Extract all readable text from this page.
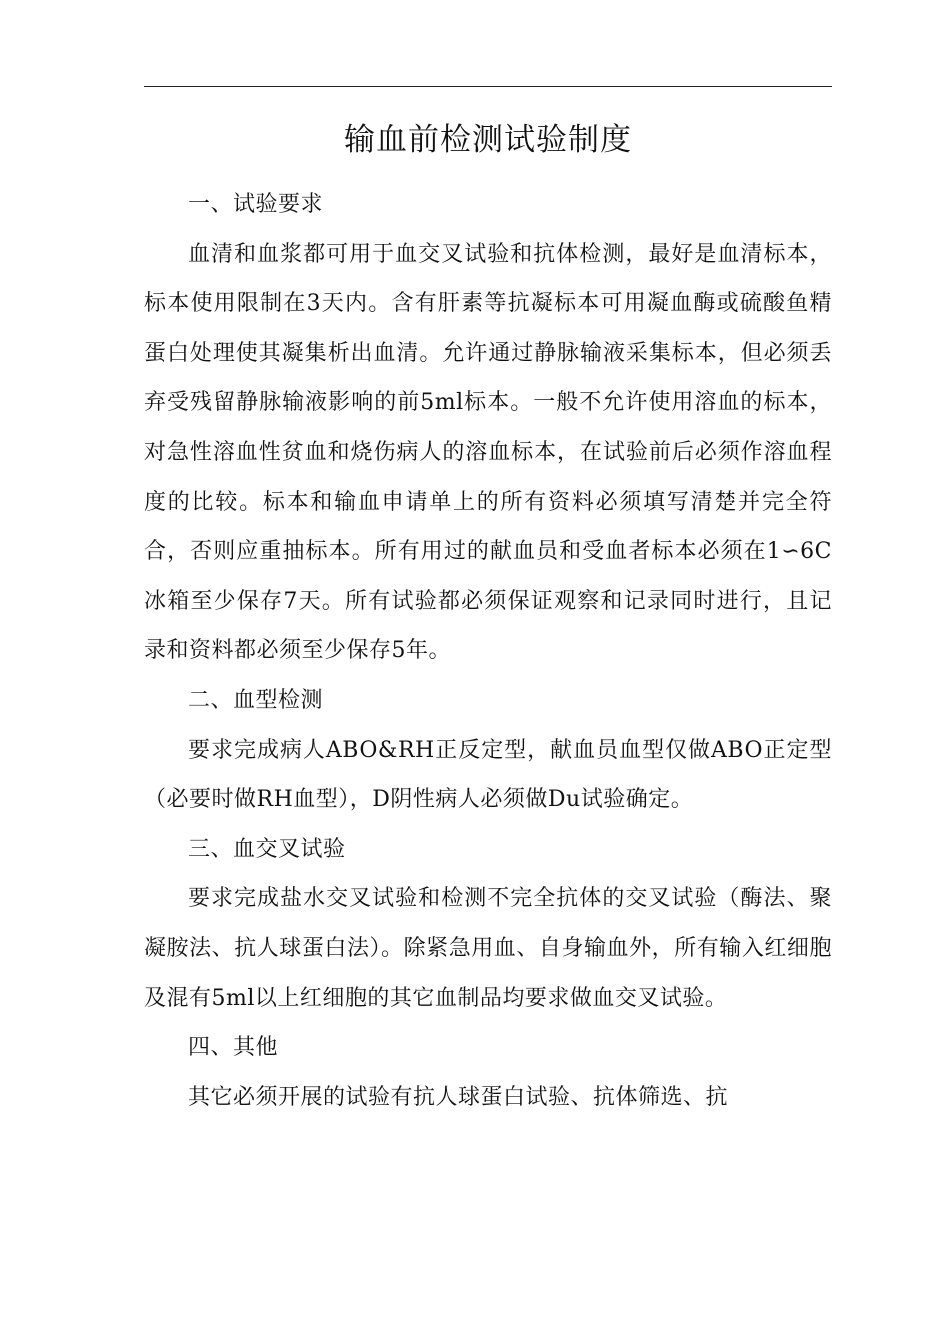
输血前检测试验制度

一、试验要求

血清和血浆都可用于血交叉试验和抗体检测，最好是血清标本，标本使用限制在3天内。含有肝素等抗凝标本可用凝血酶或硫酸鱼精蛋白处理使其凝集析出血清。允许通过静脉输液采集标本，但必须丢弃受残留静脉输液影响的前5ml标本。一般不允许使用溶血的标本，对急性溶血性贫血和烧伤病人的溶血标本，在试验前后必须作溶血程度的比较。标本和输血申请单上的所有资料必须填写清楚并完全符合，否则应重抽标本。所有用过的献血员和受血者标本必须在1∽6C冰箱至少保存7天。所有试验都必须保证观察和记录同时进行，且记录和资料都必须至少保存5年。

二、血型检测

要求完成病人ABO&RH正反定型，献血员血型仅做ABO正定型（必要时做RH血型），D阴性病人必须做Du试验确定。

三、血交叉试验

要求完成盐水交叉试验和检测不完全抗体的交叉试验（酶法、聚凝胺法、抗人球蛋白法）。除紧急用血、自身输血外，所有输入红细胞及混有5ml以上红细胞的其它血制品均要求做血交叉试验。

四、其他

其它必须开展的试验有抗人球蛋白试验、抗体筛选、抗
